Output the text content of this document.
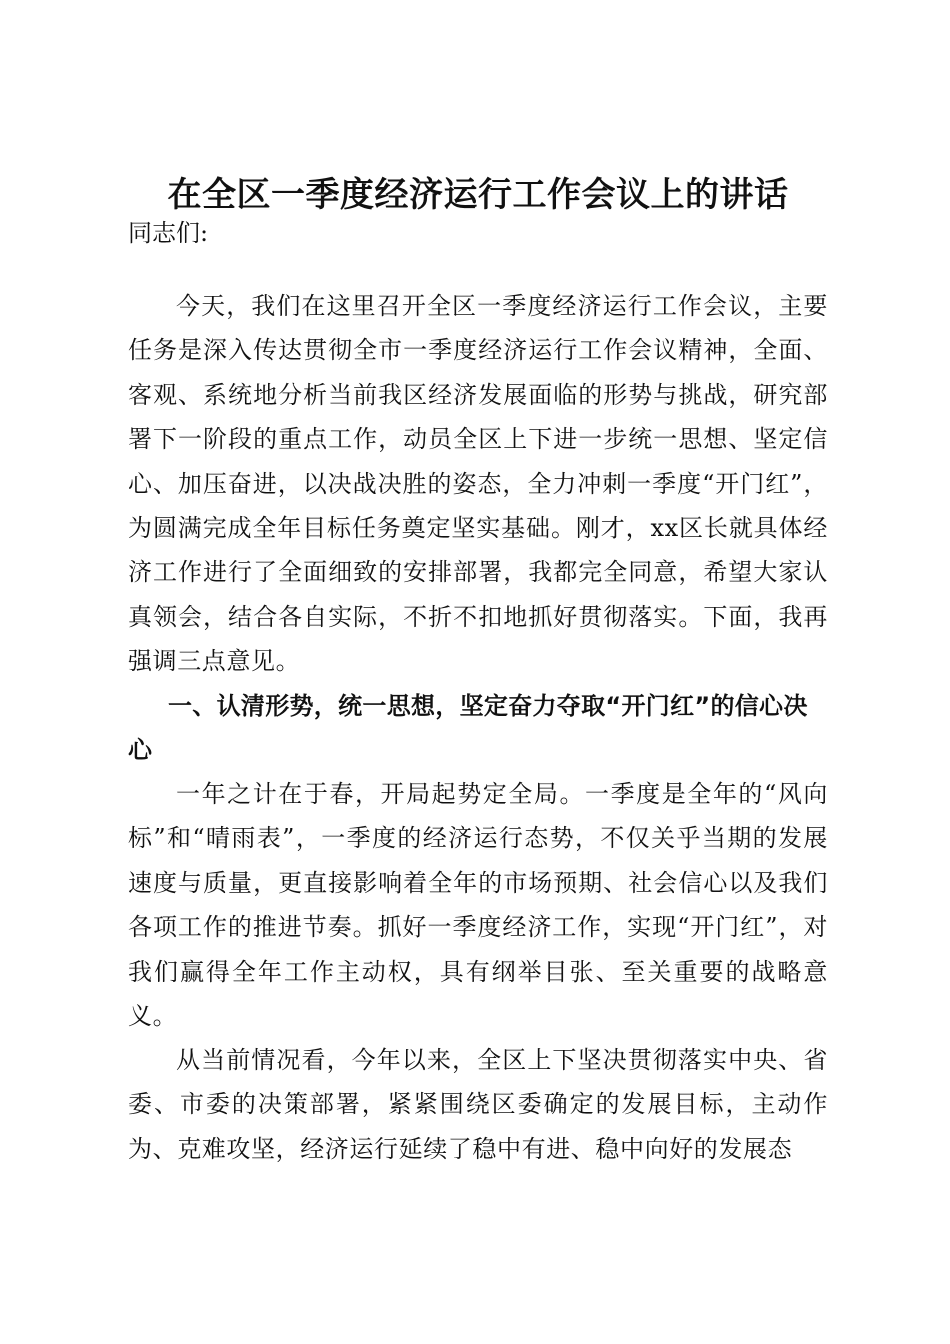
在全区一季度经济运行工作会议上的讲话

同志们:

今天，我们在这里召开全区一季度经济运行工作会议，主要任务是深入传达贯彻全市一季度经济运行工作会议精神，全面、客观、系统地分析当前我区经济发展面临的形势与挑战，研究部署下一阶段的重点工作，动员全区上下进一步统一思想、坚定信心、加压奋进，以决战决胜的姿态，全力冲刺一季度“开门红”，为圆满完成全年目标任务奠定坚实基础。刚才，xx区长就具体经济工作进行了全面细致的安排部署，我都完全同意，希望大家认真领会，结合各自实际，不折不扣地抓好贯彻落实。下面，我再强调三点意见。

一、认清形势，统一思想，坚定奋力夺取“开门红”的信心决心

一年之计在于春，开局起势定全局。一季度是全年的“风向标”和“晴雨表”，一季度的经济运行态势，不仅关乎当期的发展速度与质量，更直接影响着全年的市场预期、社会信心以及我们各项工作的推进节奏。抓好一季度经济工作，实现“开门红”，对我们赢得全年工作主动权，具有纲举目张、至关重要的战略意义。

从当前情况看，今年以来，全区上下坚决贯彻落实中央、省委、市委的决策部署，紧紧围绕区委确定的发展目标，主动作为、克难攻坚，经济运行延续了稳中有进、稳中向好的发展态
